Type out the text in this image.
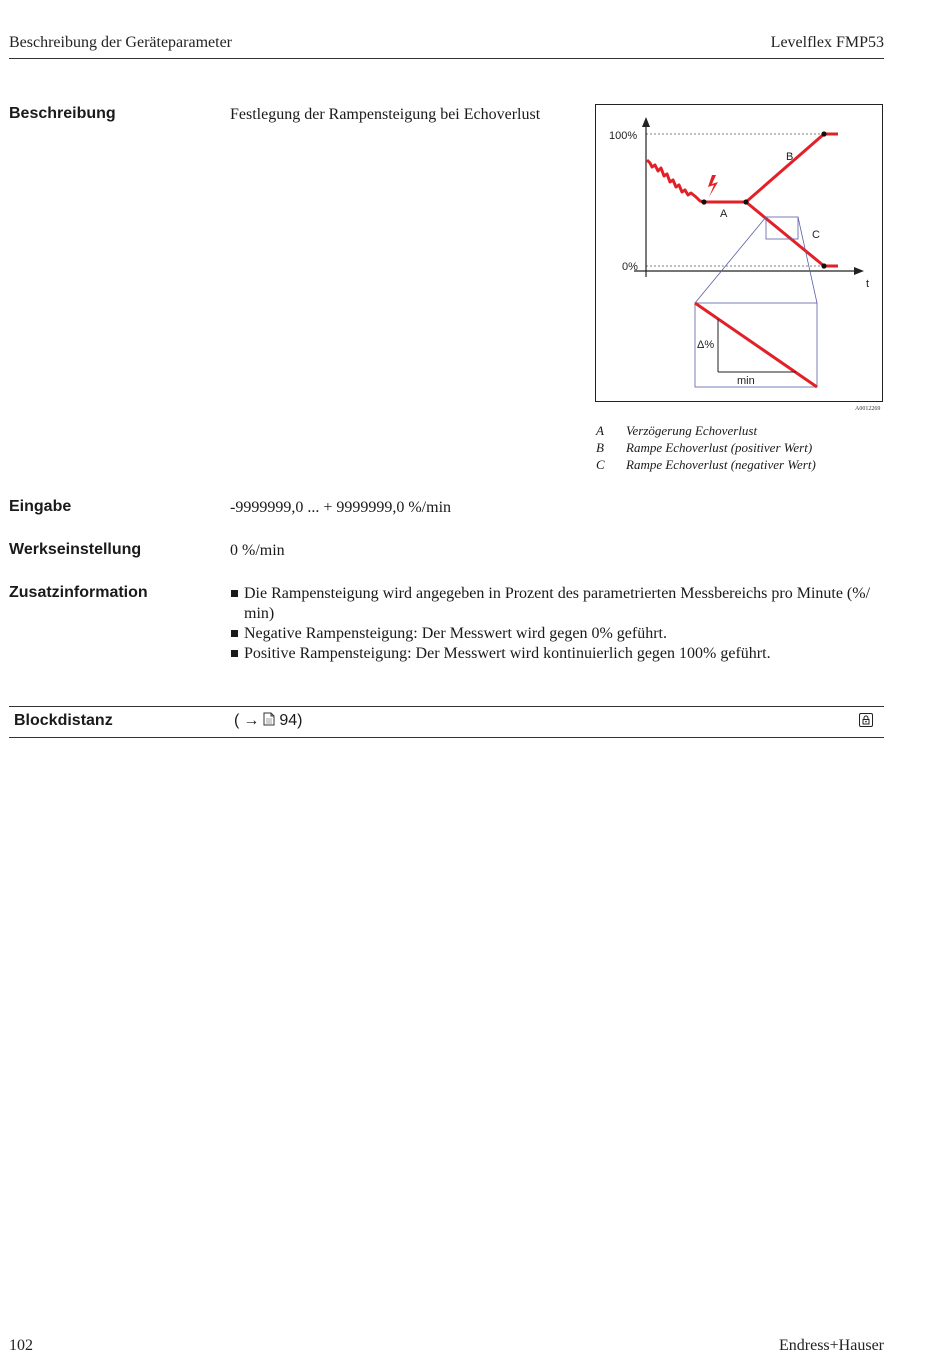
Beschreibung der Geräteparameter	Levelflex FMP53
Beschreibung	Festlegung der Rampensteigung bei Echoverlust
100%
0%
t
A
B
C
Δ%
min
A0012269
A Verzögerung Echoverlust
B Rampe Echoverlust (positiver Wert)
C Rampe Echoverlust (negativer Wert)
Eingabe	-9999999,0 ... + 9999999,0 %/min
Werkseinstellung	0 %/min
Zusatzinformation	Die Rampensteigung wird angegeben in Prozent des parametrierten Messbereichs pro Minute (%/ min)
Negative Rampensteigung: Der Messwert wird gegen 0% geführt.
Positive Rampensteigung: Der Messwert wird kontinuierlich gegen 100% geführt.
Blockdistanz	( → 94)
102	Endress+Hauser
